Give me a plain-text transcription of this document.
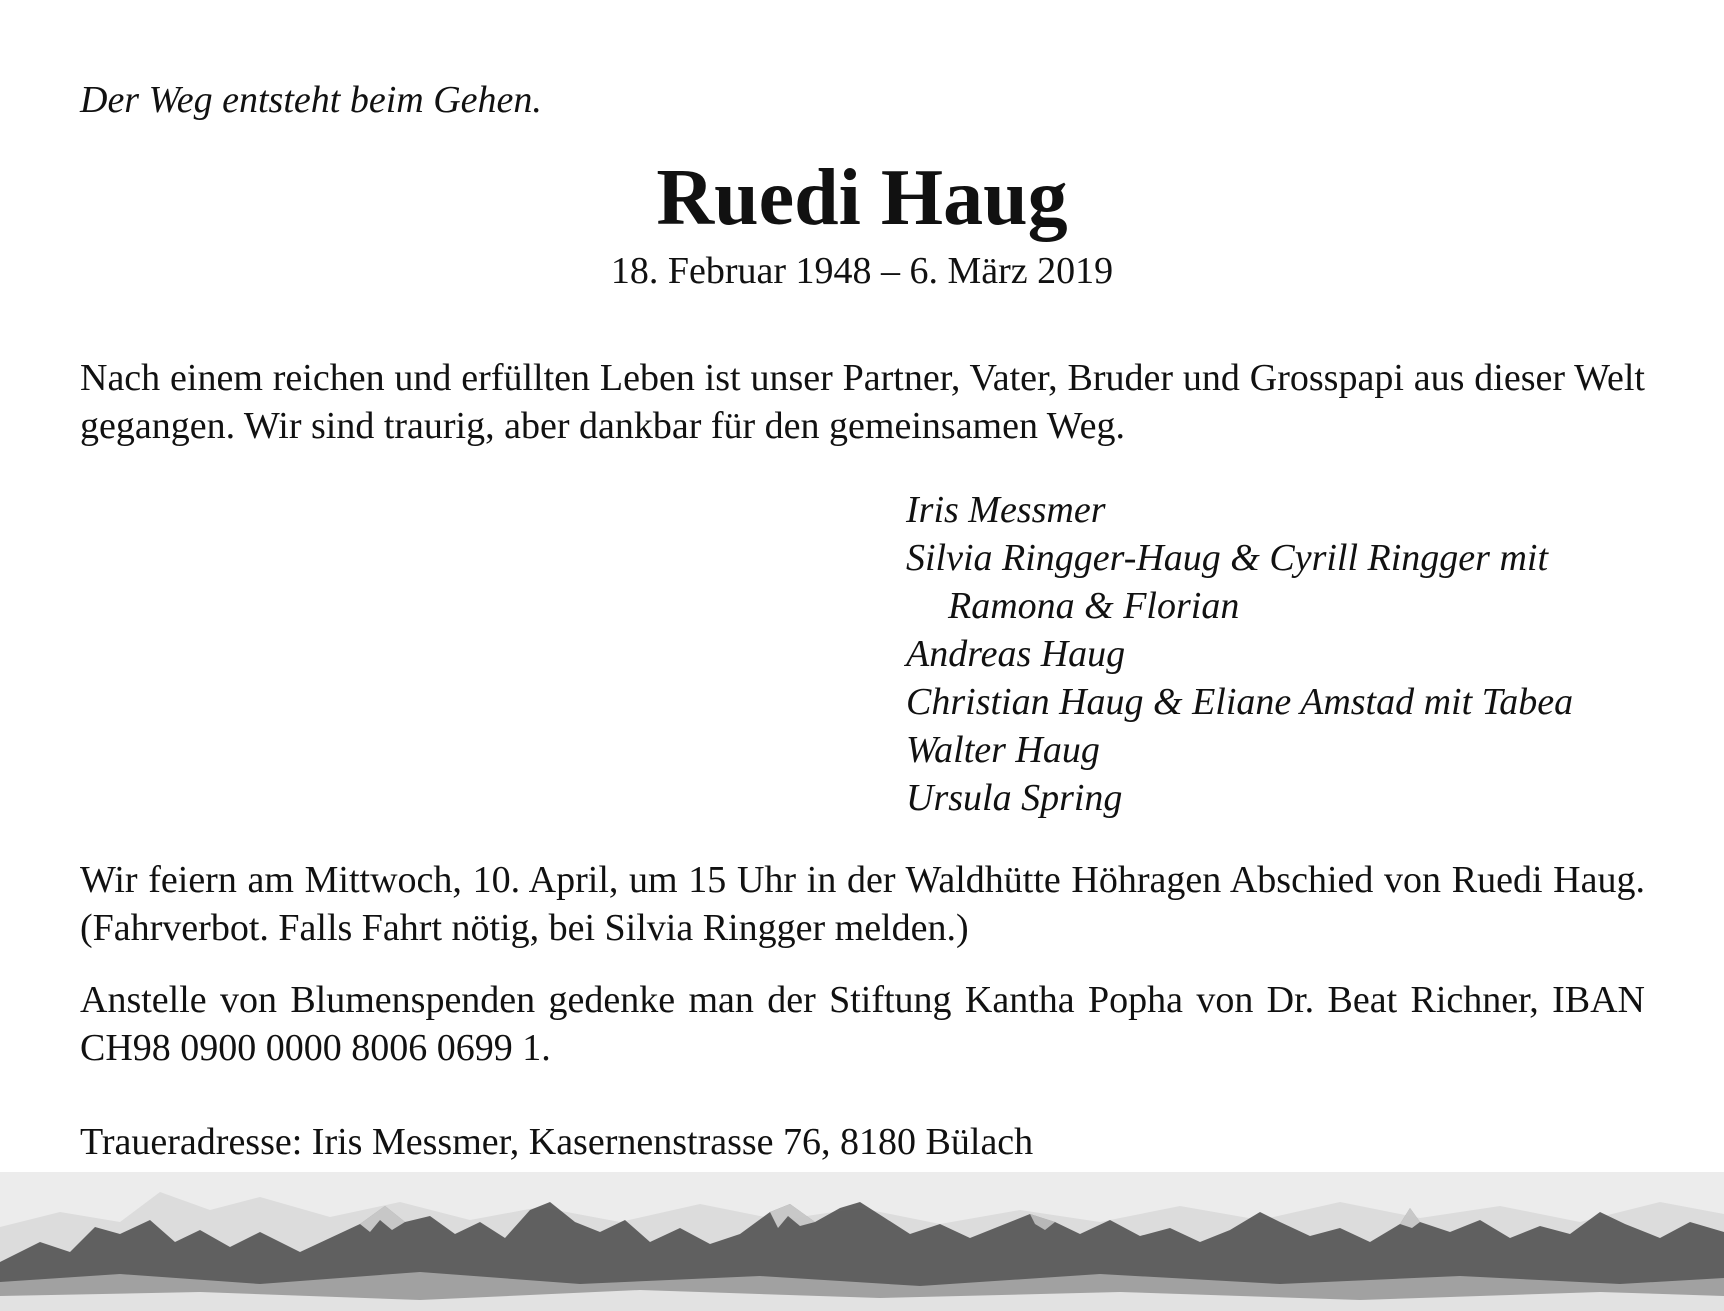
Der Weg entsteht beim Gehen.

Ruedi Haug

18. Februar 1948 – 6. März 2019

Nach einem reichen und erfüllten Leben ist unser Partner, Vater, Bruder und Grosspapi aus dieser Welt gegangen. Wir sind traurig, aber dankbar für den gemeinsamen Weg.

Iris Messmer
Silvia Ringger-Haug & Cyrill Ringger mit
Ramona & Florian
Andreas Haug
Christian Haug & Eliane Amstad mit Tabea
Walter Haug
Ursula Spring

Wir feiern am Mittwoch, 10. April, um 15 Uhr in der Waldhütte Höhragen Abschied von Ruedi Haug. (Fahrverbot. Falls Fahrt nötig, bei Silvia Ringger melden.)

Anstelle von Blumenspenden gedenke man der Stiftung Kantha Popha von Dr. Beat Richner, IBAN CH98 0900 0000 8006 0699 1.

Traueradresse: Iris Messmer, Kasernenstrasse 76, 8180 Bülach
